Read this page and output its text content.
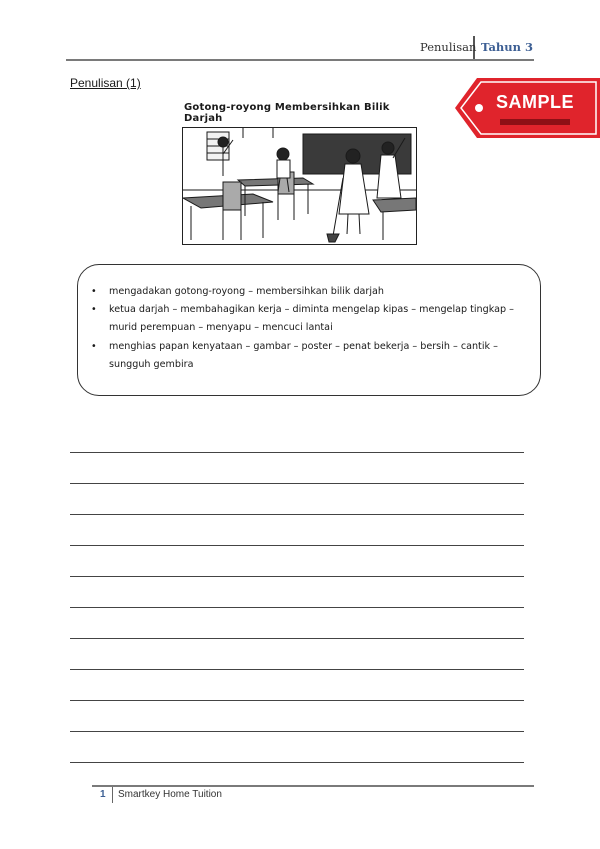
Penulisan Tahun 3
Penulisan (1)
Gotong-royong Membersihkan Bilik Darjah
SAMPLE
• mengadakan gotong-royong – membersihkan bilik darjah
• ketua darjah – membahagikan kerja – diminta mengelap kipas – mengelap tingkap – murid perempuan – menyapu – mencuci lantai
• menghias papan kenyataan – gambar – poster – penat bekerja – bersih – cantik – sungguh gembira
1 Smartkey Home Tuition
